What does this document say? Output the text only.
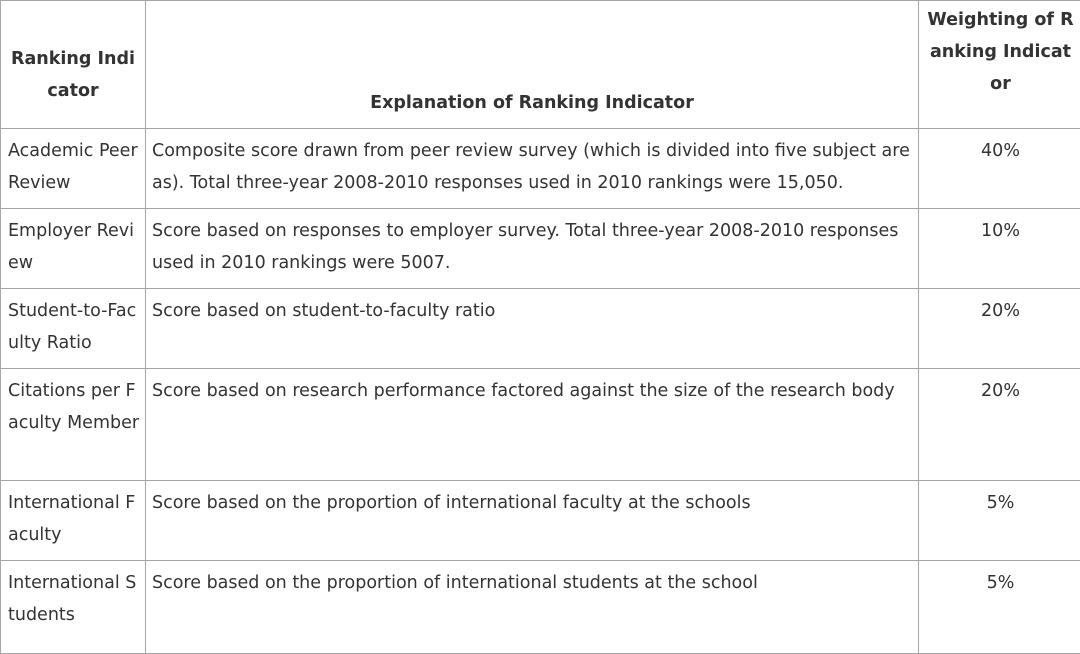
Ranking Indicator	Explanation of Ranking Indicator	Weighting of Ranking Indicator
Academic Peer Review	Composite score drawn from peer review survey (which is divided into five subject areas). Total three-year 2008-2010 responses used in 2010 rankings were 15,050.	40%
Employer Review	Score based on responses to employer survey. Total three-year 2008-2010 responses used in 2010 rankings were 5007.	10%
Student-to-Faculty Ratio	Score based on student-to-faculty ratio	20%
Citations per Faculty Member	Score based on research performance factored against the size of the research body	20%
International Faculty	Score based on the proportion of international faculty at the schools	5%
International Students	Score based on the proportion of international students at the school	5%
